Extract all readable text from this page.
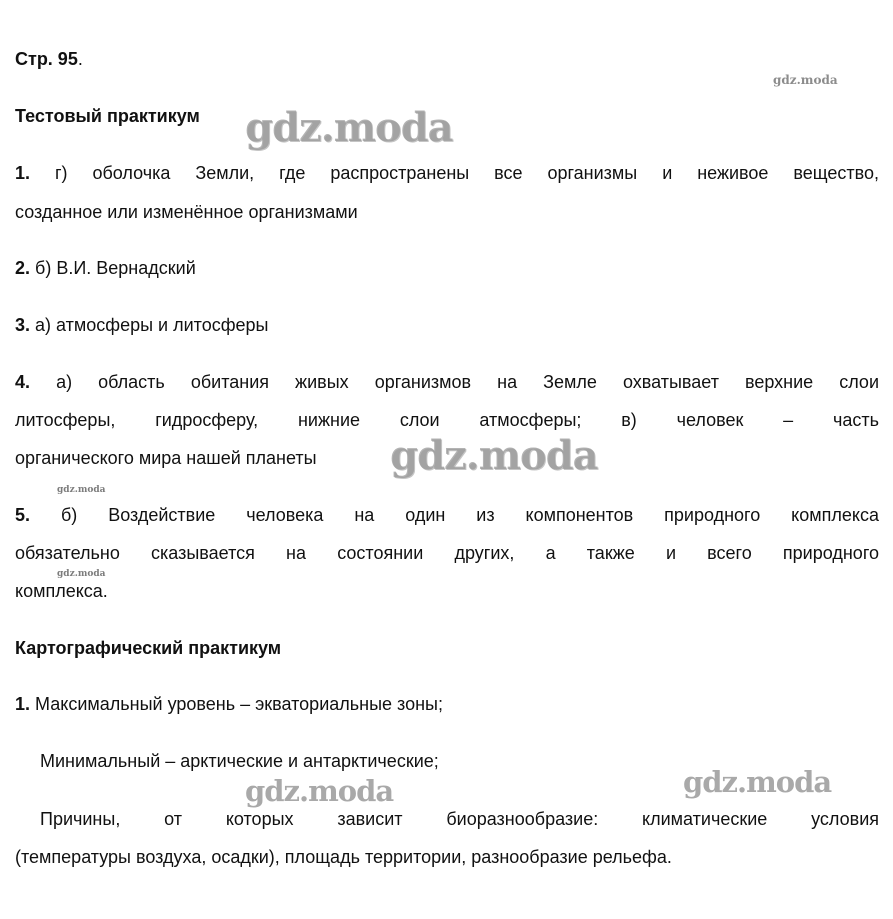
Стр. 95.
Тестовый практикум
1. г) оболочка Земли, где распространены все организмы и неживое вещество,
созданное или изменённое организмами
2. б) В.И. Вернадский
3. а) атмосферы и литосферы
4. а) область обитания живых организмов на Земле охватывает верхние слои
литосферы, гидросферу, нижние слои атмосферы; в) человек – часть
органического мира нашей планеты
5. б) Воздействие человека на один из компонентов природного комплекса
обязательно сказывается на состоянии других, а также и всего природного
комплекса.
Картографический практикум
1. Максимальный уровень – экваториальные зоны;
Минимальный – арктические и антарктические;
Причины, от которых зависит биоразнообразие: климатические условия
(температуры воздуха, осадки), площадь территории, разнообразие рельефа.
gdz.moda
gdz.moda
gdz.moda
gdz.moda
gdz.moda
gdz.moda
gdz.moda
